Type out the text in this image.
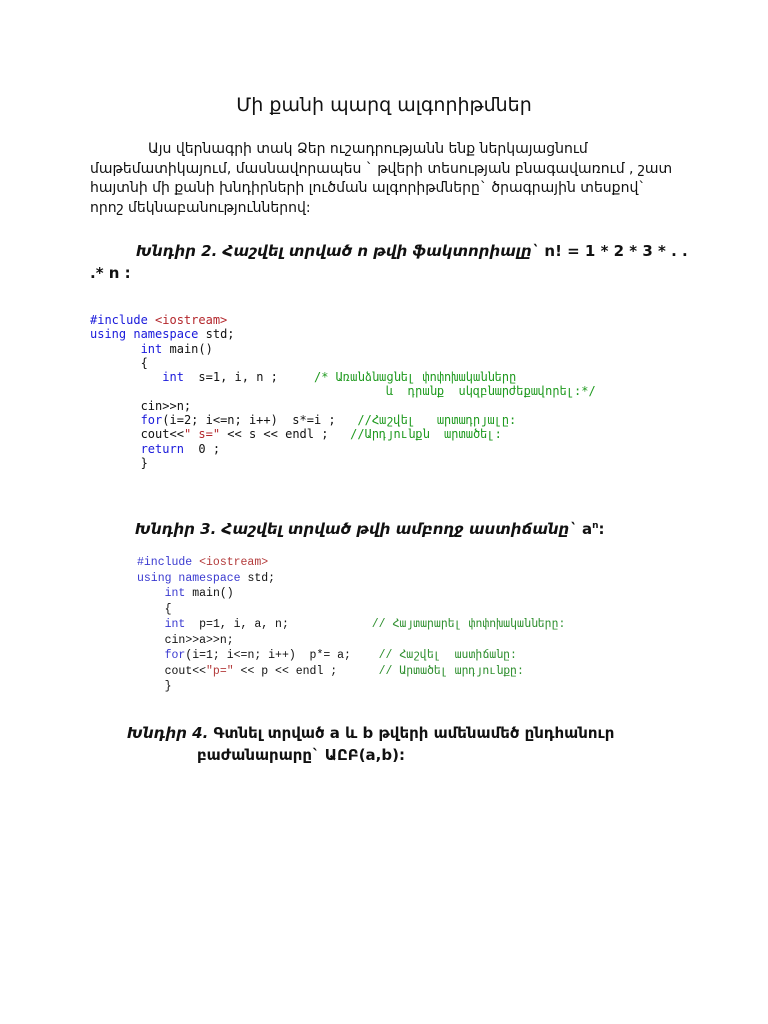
Մի քանի պարզ ալգորիթմներ
Այս վերնագրի տակ Ձեր ուշադրությանն ենք ներկայացնում
մաթեմատիկայում, մասնավորապես ` թվերի տեսության բնագավառում , շատ
հայտնի մի քանի խնդիրների լուծման ալգորիթմները` ծրագրային տեսքով`
որոշ մեկնաբանություններով:
Խնդիր 2. Հաշվել տրված n թվի ֆակտորիալը` n! = 1 * 2 * 3 * . .
.* n :
#include <iostream>
using namespace std;
int main()
{
int s=1, i, n ;	/* Առանձնացնել փոփոխականները
և  դրանք  սկզբնարժեքավորել:*/
cin>>n;
for(i=2; i<=n; i++)  s*=i ; //Հաշվել   արտադրյալը:
cout<<" s=" << s << endl ; //Արդյունքն  արտածել:
return 0 ;
}
Խնդիր 3. Հաշվել տրված թվի ամբողջ աստիճանը` $a^n$:
#include <iostream>
using namespace std;
int main()
{
int p=1, i, a, n;	// Հայտարարել փոփոխականները:
cin>>a>>n;
for(i=1; i<=n; i++)  p*= a; // Հաշվել  աստիճանը:
cout<<"p=" << p << endl ;	// Արտածել արդյունքը:
}
Խնդիր 4. Գտնել տրված a և b թվերի ամենամեծ ընդհանուր
բաժանարարը` ԱԸԲ(a,b):
